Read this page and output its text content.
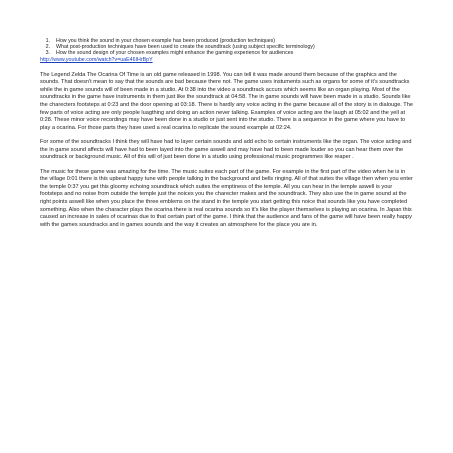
1.	How you think the sound in your chosen example has been produced (production techniques)
2.	What post-production techniques have been used to create the soundtrack (using subject specific terminology)
3.	How the sound design of your chosen examples might enhance the gaming experience for audiences
http://www.youtube.com/watch?v=uaE46IHrBpY

The Legend Zelda The Ocarina Of Time is an old game released in 1998. You can tell it was made around them because of the graphics and the sounds. That doesn't mean to say that the sounds are bad because there not. The game uses instuments such as organs for some of it's soundtracks while the in game sounds will of been made in a studio. At 0:38 into the video a soundtrack accurs which seems like an organ playing. Most of the soundtracks in the game have instruments in them just like the soundtrack at 04:58. The in game sounds will have been made in a studio. Sounds like the charecters footsteps at 0:23 and the door opening at 03:18. There is hardly any voice acting in the game because all of the story is in dialouge. The few parts of voice acting are only people luagthing and doing an action never talking. Examples of voice acting are the laugh at 05:02 and the yell at 0:28. These minor voice recordings may have been done in a studio or just sent into the studio. There is a sequence in the game where you have to play a ocarina. For those parts they have used a real ocarina to replicate the sound example at 02:24.

For some of the soundtracks I think they will have had to layer certain sounds and add echo to certain instruments like the organ. The voice acting and the in game sound affects will have had to been layed into the game aswell and may have had to been made louder so you can hear them over the soundtrack or background music. All of this will of just been done in a studio using professional music programmes like reaper .

The music for these game was amazing for the time. The music suites each part of the game. For example in the first part of the video when he is in the village 0:01 there is this upbeat happy tune with people talking in the background and bells ringing. All of that suites the village then when you enter the temple 0:37 you get this gloomy echoing soundtrack which suites the emptiness of the temple. All you can hear in the temple aswell is your footsteps and no noise from outside the temple just the noices you the charecter makes and the soundtrack. They also use the in game sound at the right points aswell like when you place the three emblems on the stand in the temple you start getting this noice that sounds like you have completed something. Also when the character plays the ocarina there is real ocarina sounds so it's like the player themselves is playing an ocarina. In Japan this caused an increase in sales of ocarinas due to that certain part of the game. I think that the audience and fans of the game will have been really happy with the games soundracks and in games sounds and the way it creates an atmosphere for the place you are in.
